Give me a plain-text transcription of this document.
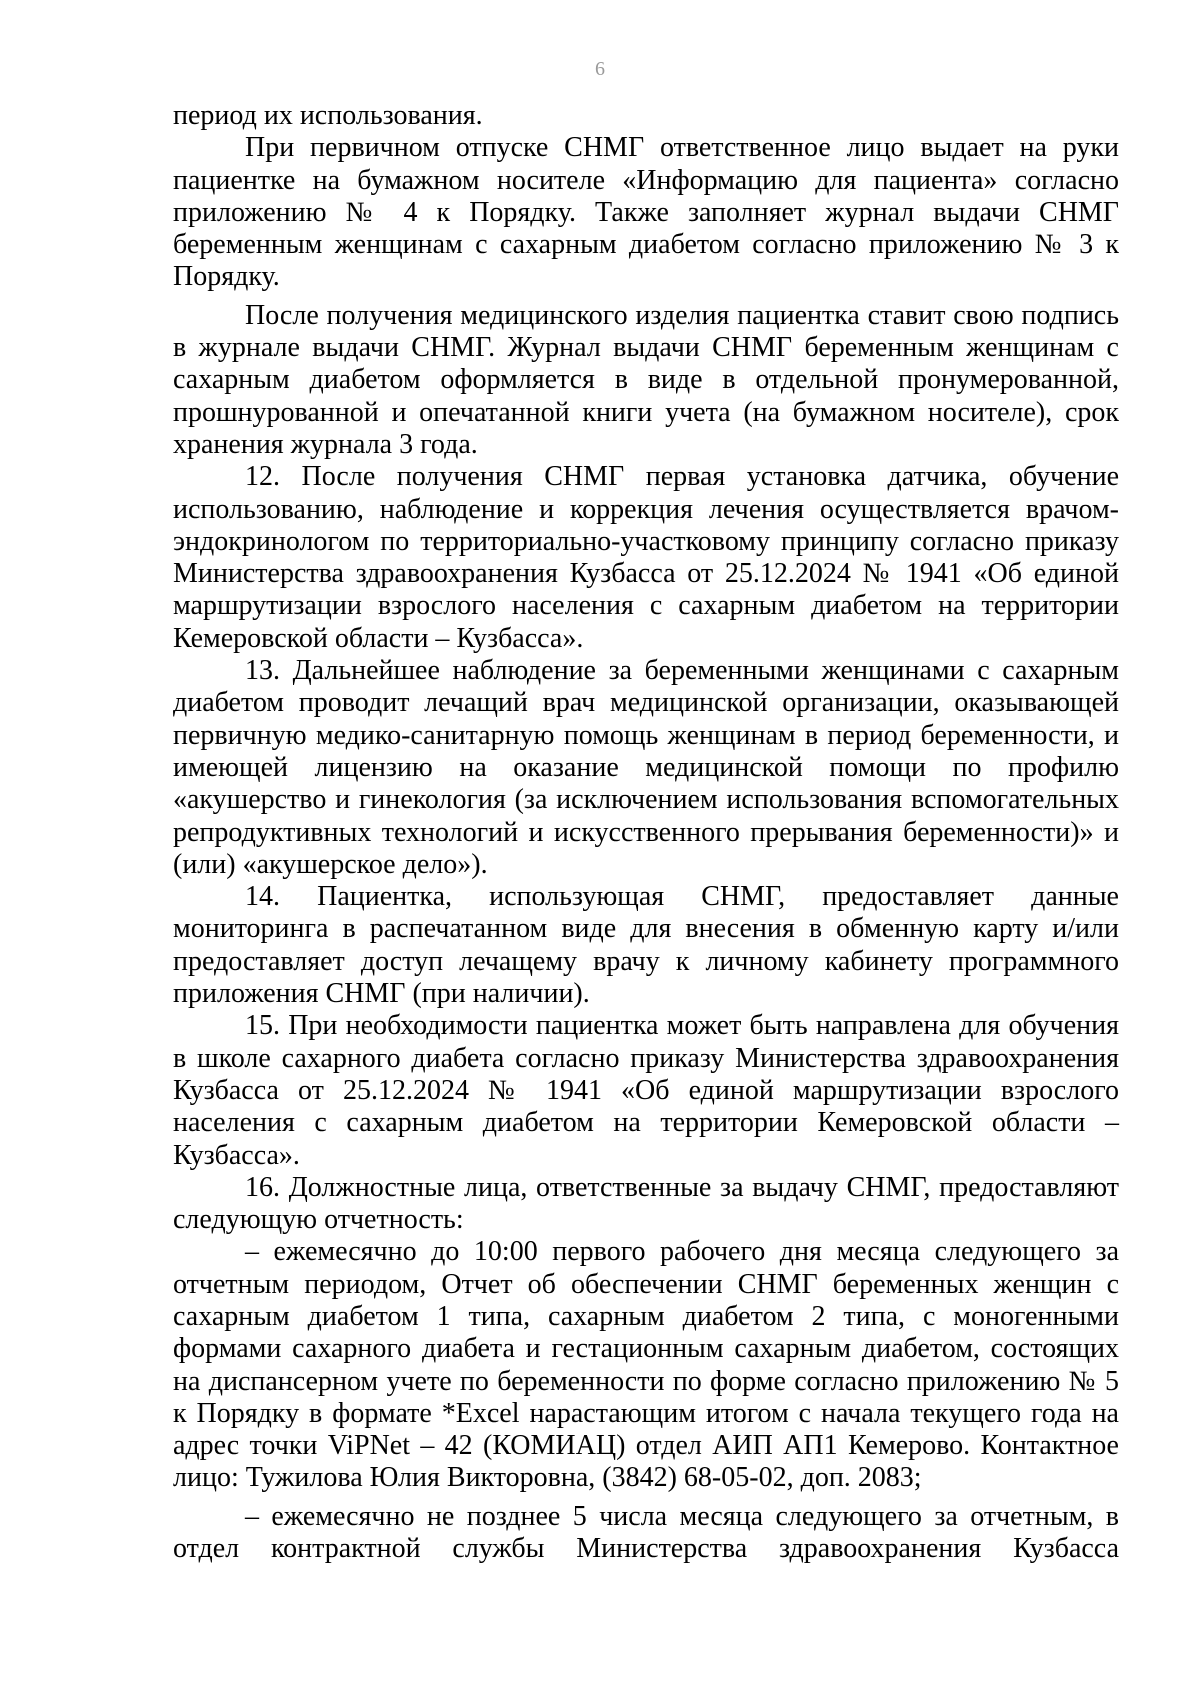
6

период их использования.

При первичном отпуске СНМГ ответственное лицо выдает на руки пациентке на бумажном носителе «Информацию для пациента» согласно приложению № 4 к Порядку. Также заполняет журнал выдачи СНМГ беременным женщинам с сахарным диабетом согласно приложению № 3 к Порядку.

После получения медицинского изделия пациентка ставит свою подпись в журнале выдачи СНМГ. Журнал выдачи СНМГ беременным женщинам с сахарным диабетом оформляется в виде в отдельной пронумерованной, прошнурованной и опечатанной книги учета (на бумажном носителе), срок хранения журнала 3 года.

12. После получения СНМГ первая установка датчика, обучение использованию, наблюдение и коррекция лечения осуществляется врачом-эндокринологом по территориально-участковому принципу согласно приказу Министерства здравоохранения Кузбасса от 25.12.2024 № 1941 «Об единой маршрутизации взрослого населения с сахарным диабетом на территории Кемеровской области – Кузбасса».

13. Дальнейшее наблюдение за беременными женщинами с сахарным диабетом проводит лечащий врач медицинской организации, оказывающей первичную медико-санитарную помощь женщинам в период беременности, и имеющей лицензию на оказание медицинской помощи по профилю «акушерство и гинекология (за исключением использования вспомогательных репродуктивных технологий и искусственного прерывания беременности)» и (или) «акушерское дело»).

14. Пациентка, использующая СНМГ, предоставляет данные мониторинга в распечатанном виде для внесения в обменную карту и/или предоставляет доступ лечащему врачу к личному кабинету программного приложения СНМГ (при наличии).

15. При необходимости пациентка может быть направлена для обучения в школе сахарного диабета согласно приказу Министерства здравоохранения Кузбасса от 25.12.2024 № 1941 «Об единой маршрутизации взрослого населения с сахарным диабетом на территории Кемеровской области – Кузбасса».

16. Должностные лица, ответственные за выдачу СНМГ, предоставляют следующую отчетность:

– ежемесячно до 10:00 первого рабочего дня месяца следующего за отчетным периодом, Отчет об обеспечении СНМГ беременных женщин с сахарным диабетом 1 типа, сахарным диабетом 2 типа, с моногенными формами сахарного диабета и гестационным сахарным диабетом, состоящих на диспансерном учете по беременности по форме согласно приложению № 5 к Порядку в формате *Excel нарастающим итогом с начала текущего года на адрес точки ViPNet – 42 (КОМИАЦ) отдел АИП АП1 Кемерово. Контактное лицо: Тужилова Юлия Викторовна, (3842) 68-05-02, доп. 2083;

– ежемесячно не позднее 5 числа месяца следующего за отчетным, в отдел контрактной службы Министерства здравоохранения Кузбасса
